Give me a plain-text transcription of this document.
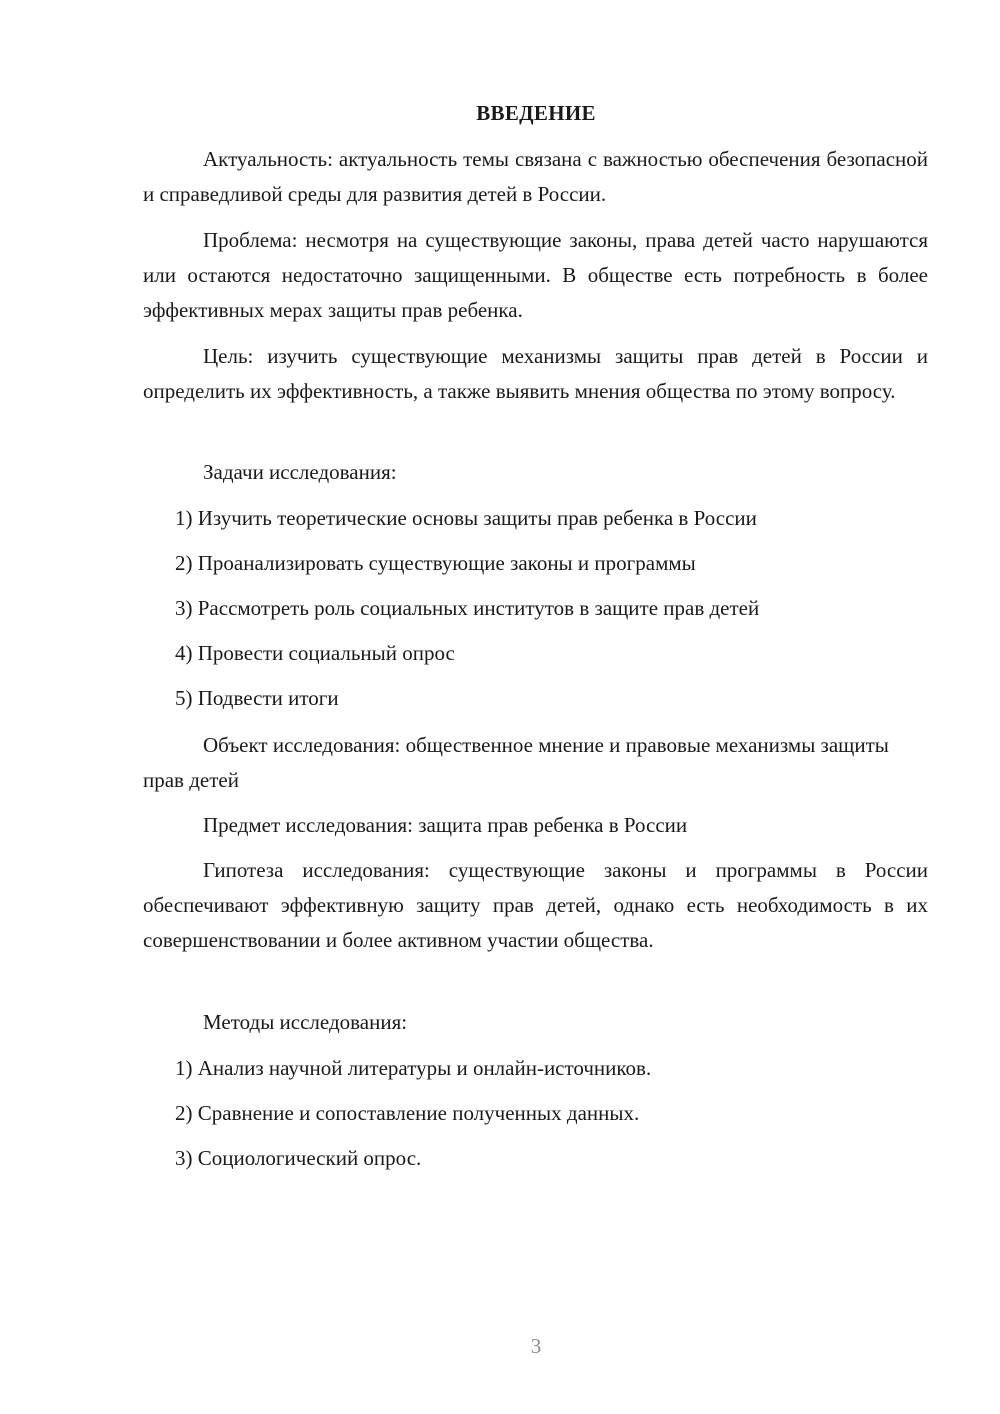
ВВЕДЕНИЕ

Актуальность: актуальность темы связана с важностью обеспечения безопасной и справедливой среды для развития детей в России.

Проблема: несмотря на существующие законы, права детей часто нарушаются или остаются недостаточно защищенными. В обществе есть потребность в более эффективных мерах защиты прав ребенка.

Цель: изучить существующие механизмы защиты прав детей в России и определить их эффективность, а также выявить мнения общества по этому вопросу.

Задачи исследования:

1) Изучить теоретические основы защиты прав ребенка в России

2) Проанализировать существующие законы и программы

3) Рассмотреть роль социальных институтов в защите прав детей

4) Провести социальный опрос

5) Подвести итоги

Объект исследования: общественное мнение и правовые механизмы защиты прав детей

Предмет исследования: защита прав ребенка в России

Гипотеза исследования: существующие законы и программы в России обеспечивают эффективную защиту прав детей, однако есть необходимость в их совершенствовании и более активном участии общества.

Методы исследования:

1) Анализ научной литературы и онлайн-источников.

2) Сравнение и сопоставление полученных данных.

3) Социологический опрос.

3
